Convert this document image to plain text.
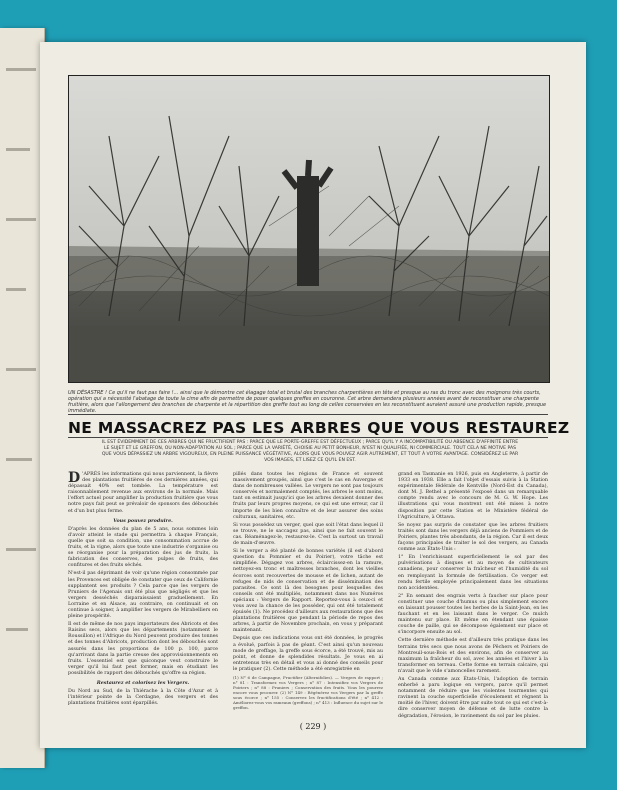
UN DÉSASTRE ! Ce qu'il ne faut pas faire !... ainsi que le démontre cet élagage total et brutal des branches charpentières en tête et presque au ras du tronc avec des moignons très courts, opération qui a nécessité l'abatage de toute la cime afin de permettre de poser quelques greffes en couronne. Cet arbre demandera plusieurs années avant de reconstituer une charpente fruitière, alors que l'allongement des branches de charpente et la répartition des greffe tout au long de celles conservées en les reconstituant auraient assuré une production rapide, presque immédiate.
NE MASSACREZ PAS LES ARBRES QUE VOUS RESTAUREZ
IL EST ÉVIDEMMENT DE CES ARBRES QUI NE FRUCTIFIENT PAS : PARCE QUE LE PORTE-GREFFE EST DÉFECTUEUX ; PARCE QU'IL Y A INCOMPATIBILITÉ OU ABSENCE D'AFFINITÉ ENTRE LE SUJET ET LE GREFFON, OU NON-ADAPTATION AU SOL ; PARCE QUE LA VARIÉTÉ, CHOISIE AU PETIT BONHEUR, N'EST NI QUALIFIÉE, NI COMMERCIALE. TOUT CELA NE MOTIVE PAS QUE VOUS DÉPASSIEZ UN ARBRE VIGOUREUX, EN PLEINE PUISSANCE VÉGÉTATIVE, ALORS QUE VOUS POUVEZ AGIR AUTREMENT, ET TOUT À VOTRE AVANTAGE. CONSIDÉREZ LE PAR VOS IMAGES, ET LISEZ CE QU'IL EN EST.

D 'APRÈS les informations qui nous parviennent, la fièvre des plantations fruitières de ces dernières années, qui dépassait 40% est tombée. La température est raisonnablement revenue aux environs de la normale. Mais l'effort actuel pour amplifier la production fruitière que vous notre pays fait peut se prévaloir de sponsors des débouchés et d'un but plus ferme.

Vous pouvez produire.

D'après les données du plan de 5 ans, nous sommes loin d'avoir atteint le stade qui permettra à chaque Français, quelle que soit sa condition, une consommation accrue de fruits, et la vigne, alors que toute une industrie s'organise ou se réorganise pour la préparation des jus de fruits, la fabrication des conserves, des pulpes de fruits, des confitures et des fruits séchés.

N'est-il pas déprimant de voir qu'une région consommée par les Provences est obligée de constater que ceux de Californie supplantent ses produits ? Cela parce que les vergers de Pruniers de l'Agenais ont été plus que négligés et que les vergers desséchés disparaissaient graduellement. En Lorraine et en Alsace, au contraire, on continuait et on continue à soigner, à amplifier les vergers de Mirabelliers en pleine prospérité.

Il est de même de nos pays importateurs des Abricots et des Raisins secs, alors que les départements (notamment le Roussillon) et l'Afrique du Nord peuvent produire des tonnes et des tonnes d'Abricots, production dont les débouchés sont assurés dans les proportions de 100 p. 100, parce qu'arrivant dans la partie creuse des approvisionnements en fruits. L'essentiel est que quiconque veut construire le verger qu'il lui faut peut former, mais en étudiant les possibilités de rapport des débouchés qu'offre sa région.

Restaurez et colorisez les Vergers.

Du Nord au Sud, de la Thiérache à la Côte d'Azur et à l'intérieur pointe de la Cerdagne, des vergers et des plantations fruitières sont éparpillés.

pillés dans toutes les régions de France et souvent massivement groupés, ainsi que c'est le cas en Auvergne et dans de nombreuses vallées. Le vergers ne sont pas toujours conservés et normalement comptés, les arbres le sont moins, tant on estimait jusqu'ici que les arbres devaient donner des fruits par leurs propres moyens, ce qui est une erreur, car il importe de les bien connaître et de leur assurer des soins culturaux, sanitaires, etc.

Si vous possédez un verger, quel que soit l'état dans lequel il se trouve, ne le saccagez pas, ainsi que ne fait souvent le cas. Réaménagez-le, restaurez-le. C'est la surtout un travail de main-d'œuvre.

Si le verger a été planté de bonnes variétés (il est d'abord question du Pommier et du Poirier), votre tâche est simplifiée. Dégagez vos arbres, éclaircissez-en la ramure, nettoyez-en tronc et maîtresses branches, dont les vieilles écorces sont recouvertes de mousse et de lichen, autant de refuges de nids de conservation et de dissémination des parasites. Ce sont là des besognes pour lesquelles des conseils ont été multipliés, notamment dans nos Numéros spéciaux : Vergers de Rapport. Reportez-vous à ceux-ci et vous avez la chance de les posséder, qui ont été totalement épuisés (1). Ne procédez d'ailleurs aux restaurations que des plantations fruitières que pendant la période de repos des arbres, à partir de Novembre prochain, en vous y préparant maintenant.

Depuis que ces indications vous ont été données, le progrès a évolué, parfois à pas de géant. C'est ainsi qu'un nouveau mode de greffage, la greffe sous écorce, a été trouvé, mis au point, et donne de splendides résultats. Je vous en ai entretenus très en détail et vous ai donné des conseils pour le pratiquer (2). Cette méthode a été enregistrée en

(1) N° 6 de Campagne, Fructifier (Alternifolies). — Vergers de rapport ; n° 81 : Transformez vos Vergers ; n° 87 : Intensifiez vos Vergers de Poiriers ; n° 88 : Pruniers ; Conservation des fruits. Vous les pourrez encore vous procurer. (2) N° 149 : Régénérez vos Vergers par la greffe sous écorce ; n° 155 : Conservez les fructifications d'été ; n° 412 : Améliorez-vous vos rameaux (greffons) ; n° 413 : Influence du sujet sur le greffon.

grand en Tasmanie en 1926, puis en Angleterre, à partir de 1933 en 1938. Elle a fait l'objet d'essais suivis à la Station expérimentale fédérale de Kentville (Nord-Est du Canada), dont M. J. Bethel a présenté l'exposé dans un remarquable compte rendu avec le concours de M. G. W. Hope. Les illustrations qui vous montrent ont été mises à notre disposition par cette Station et le Ministère fédéral de l'Agriculture, à Ottawa.

Se noyez pas surpris de constater que les arbres fruitiers traités sont dans les vergers déjà anciens de Pommiers et de Poiriers, plantes très abondants, de la région. Car il est deux façons principales de traiter le sol des vergers, au Canada comme aux États-Unis :

1° En l'enrichissant superficiellement le sol par des pulvérisations à disques et au moyen de cultivateurs canadiens, pour conserver la fraîcheur et l'humidité du sol en remployant la formule de fertilisation. Ce verger est rendu fertile employée principalement dans les situations non accidentées.

2° En semant des engrais verts à faucher sur place pour constituer une couche d'humus ou plus simplement encore en laissant pousser toutes les herbes de la Saint-Jean, en les fauchant et en les laissant dans le verger. Ce mulch maintenu sur place. Et même en étendant une épaisse couche de paille, qui se décompose également sur place et s'incorpore ensuite au sol.

Cette dernière méthode est d'ailleurs très pratique dans les terrains très secs que nous avons de Pêchers et Poiriers de Montreuil-sous-Bois et des environs, afin de conserver au maximum la fraîcheur du sol, avec les années et l'hiver à la transformer en terreau. Cette forme en terrain calcaire, qui n'avait que le vide s'amoncelles rarement.

Au Canada comme aux États-Unis, l'adoption de terrain enherbé a paru logique en vergers, parce qu'il permet notamment de réduire que les violentes tourmentes qui ravinent la couche superficielle d'écoulement et règnent la moitié de l'hiver, doivent être par suite tout ce qui est c'est-à-dire conserver moyen de défense et de lutte contre la dégradation, l'érosion, le ravinement du sol par les pluies.

( 229 )
